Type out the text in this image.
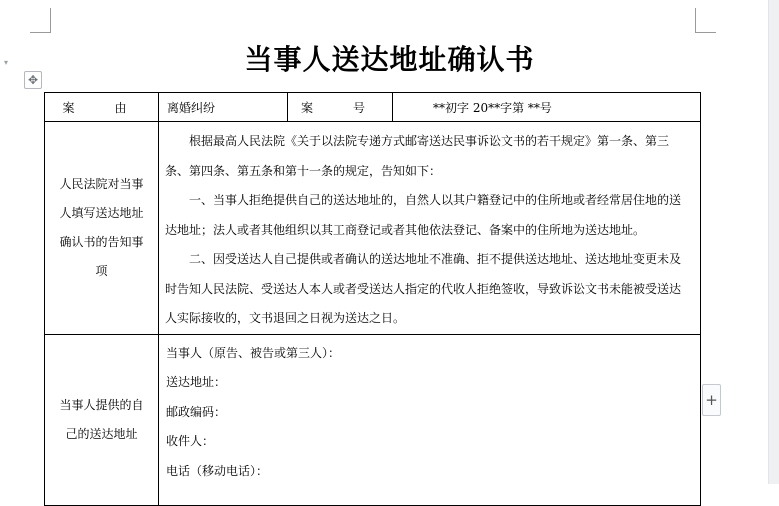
▾	当事人送达地址确认书
✥
案　由	离婚纠纷	案　号	**初字 20**字第 **号
人民法院对当事人填写送达地址确认书的告知事项	根据最高人民法院《关于以法院专递方式邮寄送达民事诉讼文书的若干规定》第一条、第三条、第四条、第五条和第十一条的规定，告知如下：

一、当事人拒绝提供自己的送达地址的，自然人以其户籍登记中的住所地或者经常居住地的送达地址；法人或者其他组织以其工商登记或者其他依法登记、备案中的住所地为送达地址。

二、因受送达人自己提供或者确认的送达地址不准确、拒不提供送达地址、送达地址变更未及时告知人民法院、受送达人本人或者受送达人指定的代收人拒绝签收，导致诉讼文书未能被受送达人实际接收的，文书退回之日视为送达之日。		

当事人提供的自己的送达地址	当事人（原告、被告或第三人）：
送达地址：
邮政编码：
收件人：
电话（移动电话）：		
+
